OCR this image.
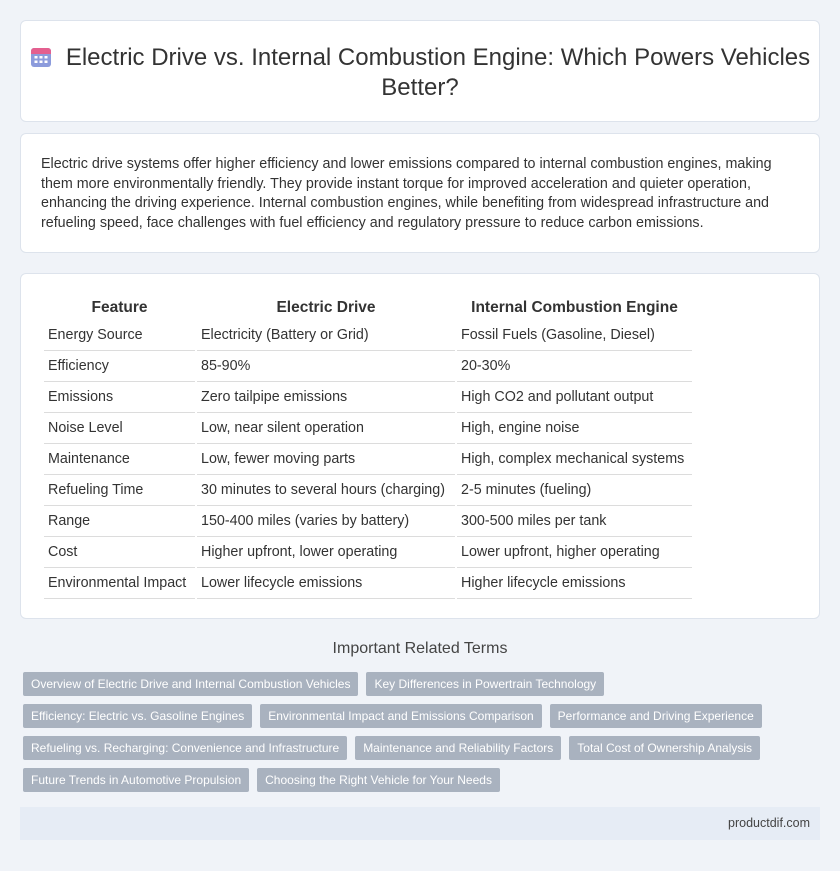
Electric Drive vs. Internal Combustion Engine: Which Powers Vehicles Better?
Electric drive systems offer higher efficiency and lower emissions compared to internal combustion engines, making them more environmentally friendly. They provide instant torque for improved acceleration and quieter operation, enhancing the driving experience. Internal combustion engines, while benefiting from widespread infrastructure and refueling speed, face challenges with fuel efficiency and regulatory pressure to reduce carbon emissions.
Feature	Electric Drive	Internal Combustion Engine
Energy Source	Electricity (Battery or Grid)	Fossil Fuels (Gasoline, Diesel)
Efficiency	85-90%	20-30%
Emissions	Zero tailpipe emissions	High CO2 and pollutant output
Noise Level	Low, near silent operation	High, engine noise
Maintenance	Low, fewer moving parts	High, complex mechanical systems
Refueling Time	30 minutes to several hours (charging)	2-5 minutes (fueling)
Range	150-400 miles (varies by battery)	300-500 miles per tank
Cost	Higher upfront, lower operating	Lower upfront, higher operating
Environmental Impact	Lower lifecycle emissions	Higher lifecycle emissions
Important Related Terms
Overview of Electric Drive and Internal Combustion Vehicles	Key Differences in Powertrain Technology
Efficiency: Electric vs. Gasoline Engines	Environmental Impact and Emissions Comparison	Performance and Driving Experience
Refueling vs. Recharging: Convenience and Infrastructure	Maintenance and Reliability Factors	Total Cost of Ownership Analysis
Future Trends in Automotive Propulsion	Choosing the Right Vehicle for Your Needs
productdif.com
